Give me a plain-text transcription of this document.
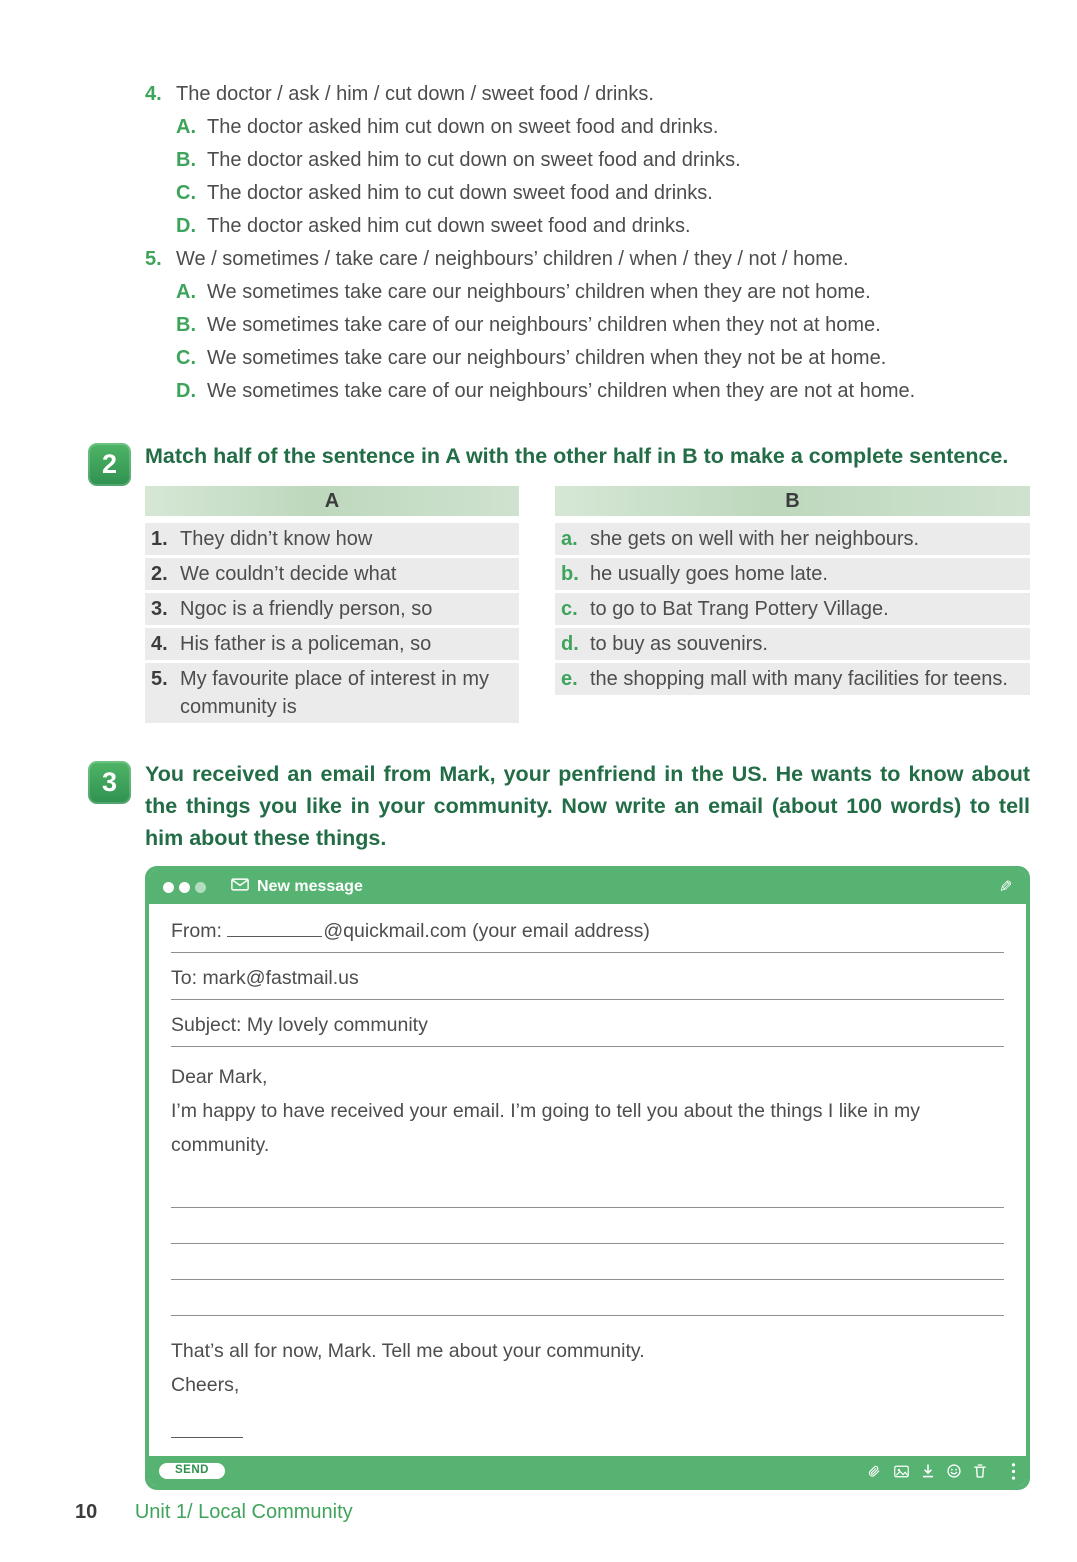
4. The doctor / ask / him / cut down / sweet food / drinks.
A. The doctor asked him cut down on sweet food and drinks.
B. The doctor asked him to cut down on sweet food and drinks.
C. The doctor asked him to cut down sweet food and drinks.
D. The doctor asked him cut down sweet food and drinks.
5. We / sometimes / take care / neighbours’ children / when / they / not / home.
A. We sometimes take care our neighbours’ children when they are not home.
B. We sometimes take care of our neighbours’ children when they not at home.
C. We sometimes take care our neighbours’ children when they not be at home.
D. We sometimes take care of our neighbours’ children when they are not at home.
2	Match half of the sentence in A with the other half in B to make a complete sentence.
A
1. They didn’t know how
2. We couldn’t decide what
3. Ngoc is a friendly person, so
4. His father is a policeman, so
5. My favourite place of interest in my community is
B
a. she gets on well with her neighbours.
b. he usually goes home late.
c. to go to Bat Trang Pottery Village.
d. to buy as souvenirs.
e. the shopping mall with many facilities for teens.
3	You received an email from Mark, your penfriend in the US. He wants to know about the things you like in your community. Now write an email (about 100 words) to tell him about these things.
New message	✎
From:	@quickmail.com (your email address)
To: mark@fastmail.us
Subject: My lovely community
Dear Mark,
I’m happy to have received your email. I’m going to tell you about the things I like in my community.
That’s all for now, Mark. Tell me about your community.
Cheers,
SEND
10 Unit 1/ Local Community
